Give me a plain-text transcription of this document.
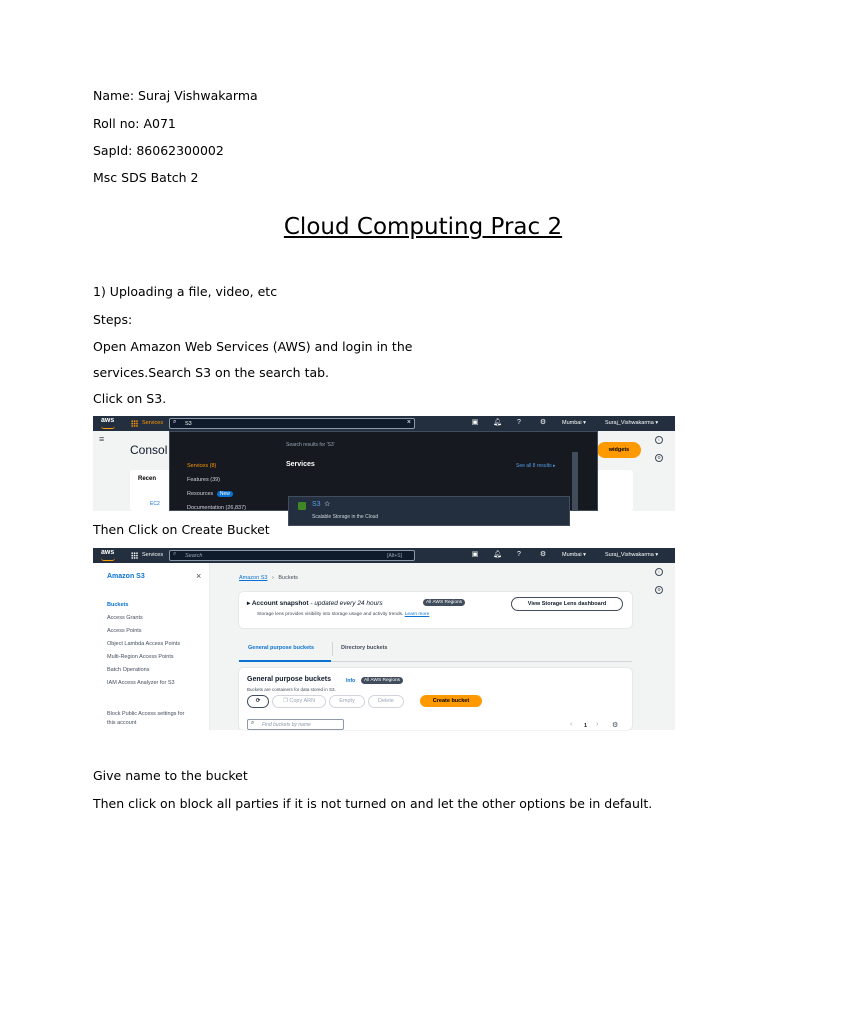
Name: Suraj Vishwakarma
Roll no: A071
SapId: 86062300002
Msc SDS Batch 2
Cloud Computing Prac 2
1) Uploading a file, video, etc
Steps:
Open Amazon Web Services (AWS) and login in the
services.Search S3 on the search tab.
Click on S3.
aws	Services ⌕ S3	×	▣ 🔔︎ ?	⚙	Mumbai ▾	Suraj_Vishwakarma ▾
≡
Consol
Recen
EC2
widgets
i
⚙
Search results for 'S3'
Services (8)
Features (39)
Resources New
Documentation (26,837)
Services	See all 8 results ▸
S3 ☆
Scalable Storage in the Cloud
Then Click on Create Bucket
aws	Services ⌕ Search	[Alt+S]	▣ 🔔︎ ?	⚙	Mumbai ▾	Suraj_Vishwakarma ▾
Amazon S3	×
Buckets
Access Grants
Access Points
Object Lambda Access Points
Multi-Region Access Points
Batch Operations
IAM Access Analyzer for S3
Block Public Access settings for
this account
Amazon S3 › Buckets
▸ Account snapshot - updated every 24 hours	All AWS Regions
Storage lens provides visibility into storage usage and activity trends. Learn more
View Storage Lens dashboard
General purpose buckets	Directory buckets
General purpose buckets	Info	All AWS Regions
Buckets are containers for data stored in S3.
⟳	❐ Copy ARN	Empty	Delete	Create bucket
⌕ Find buckets by name	‹ 1 › ⚙
i
⚙
Give name to the bucket
Then click on block all parties if it is not turned on and let the other options be in default.
